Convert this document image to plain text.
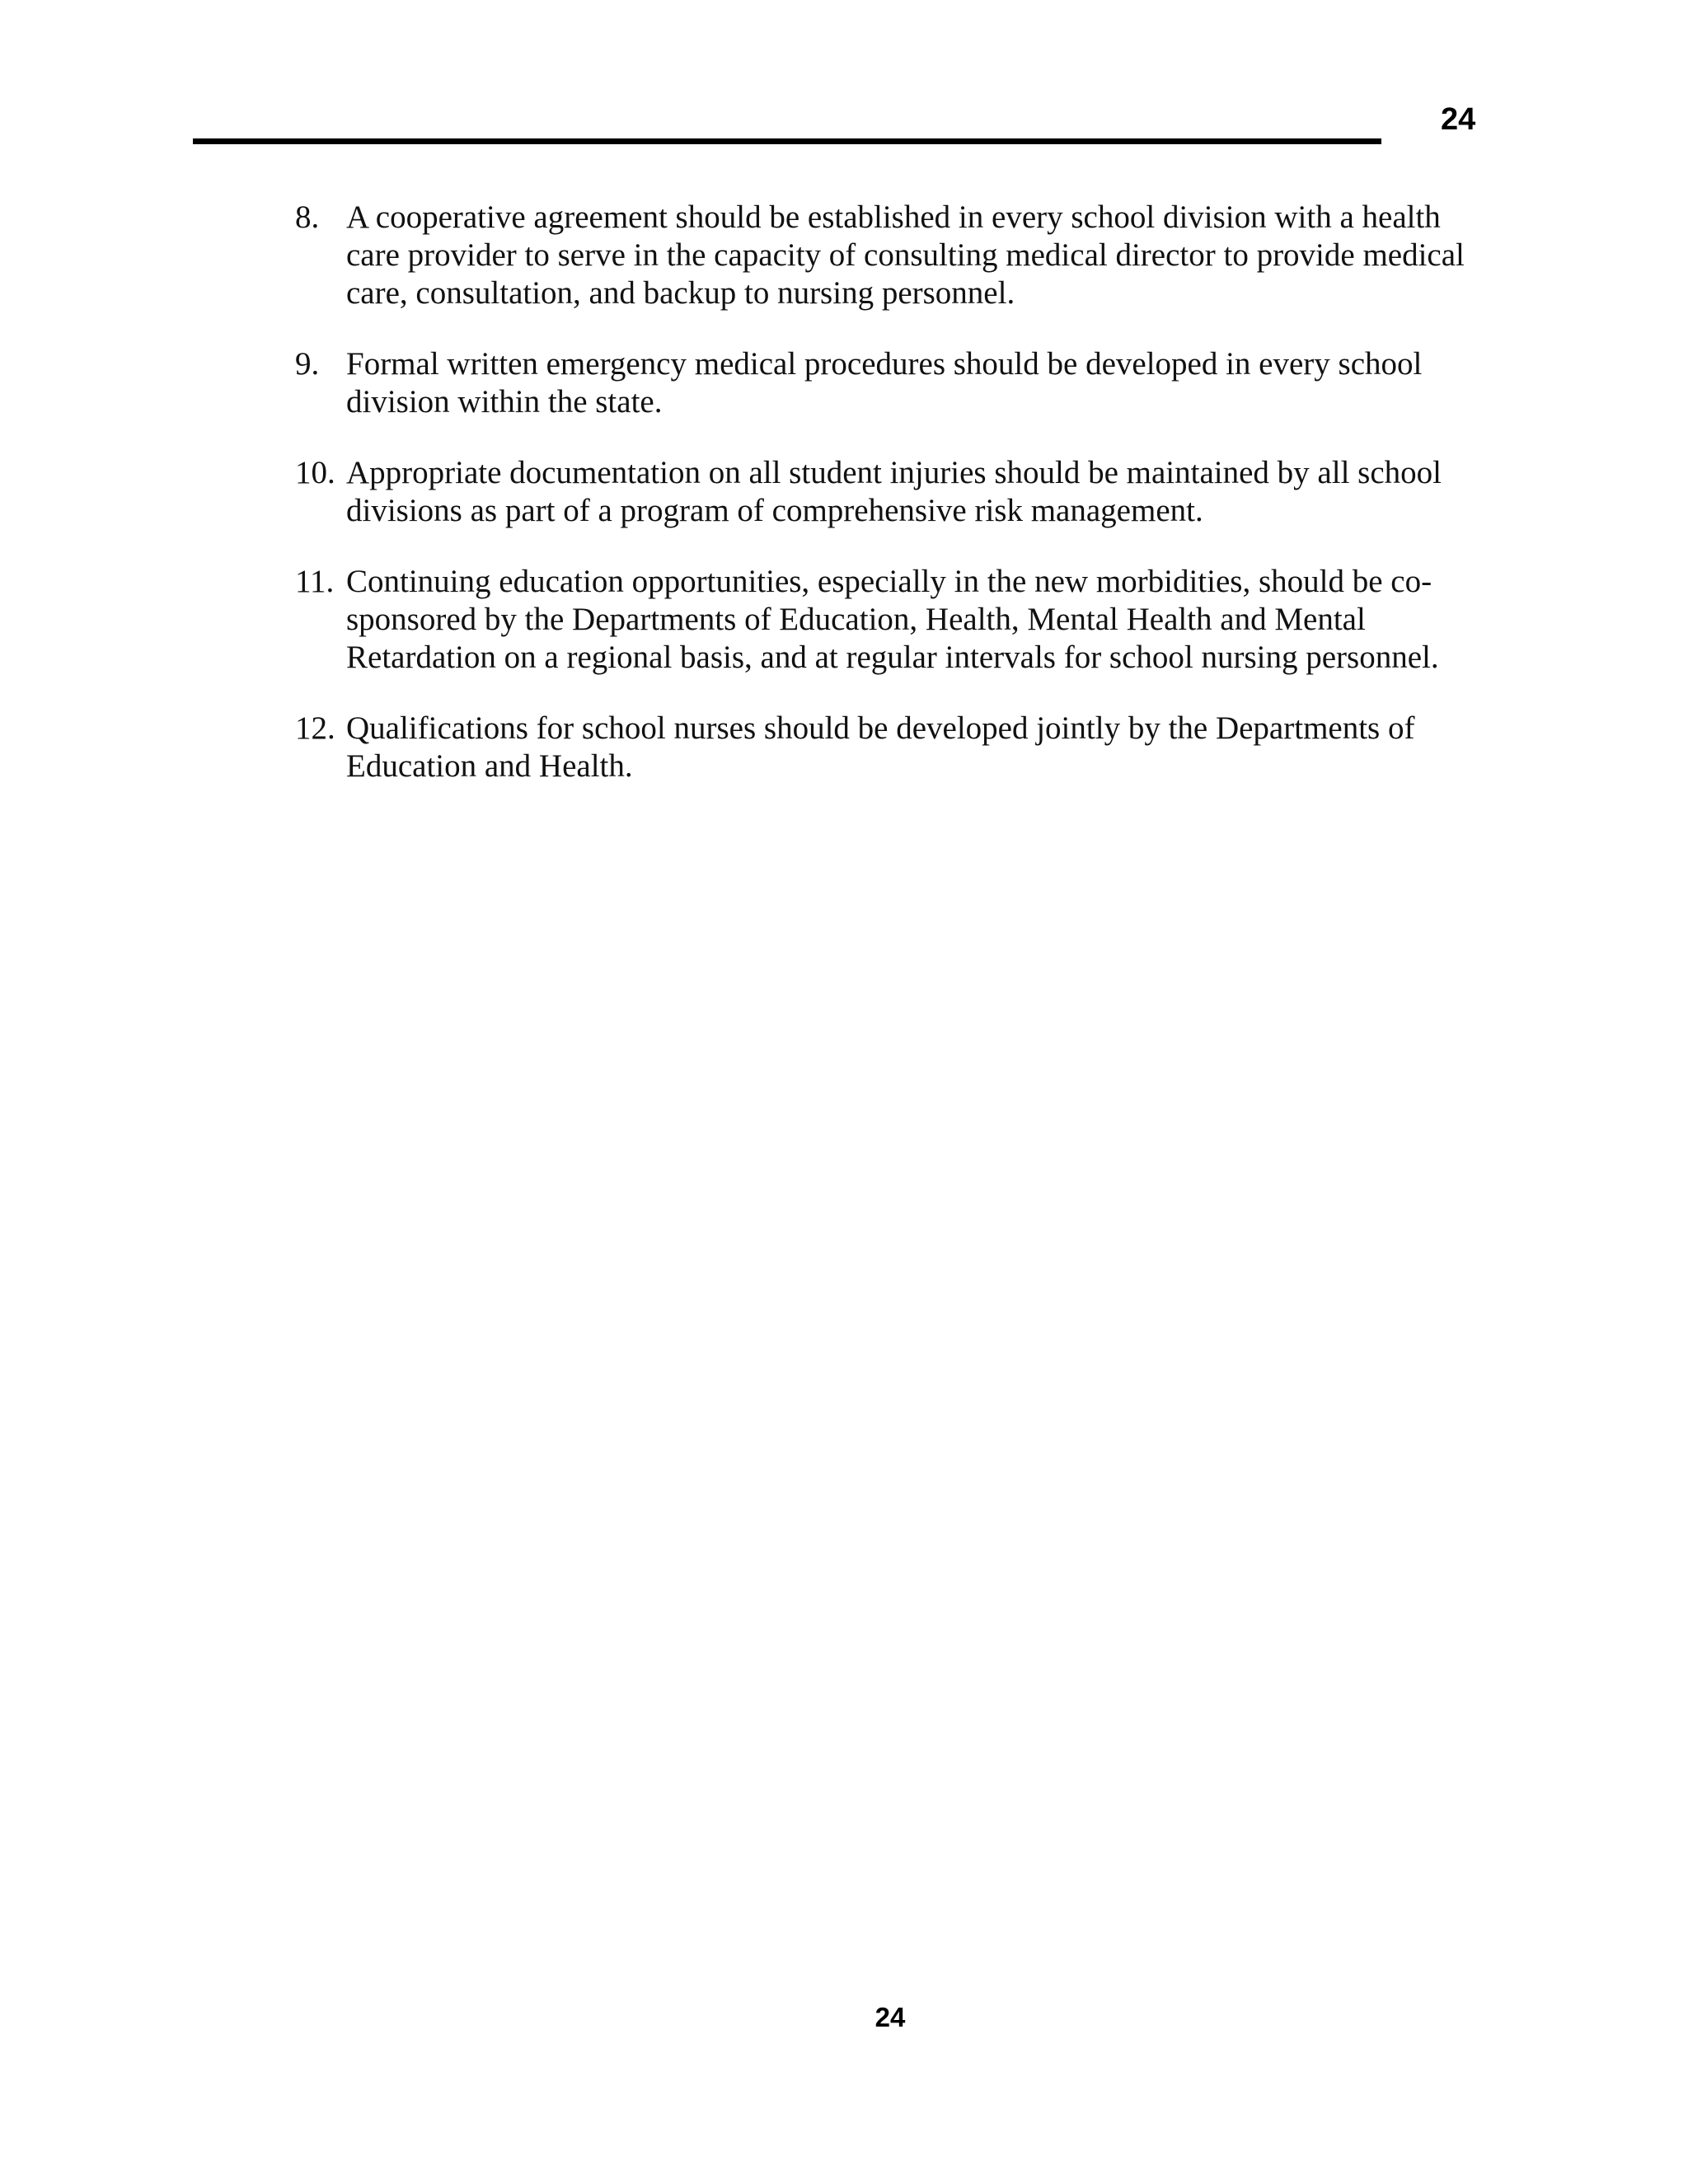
24
8. A cooperative agreement should be established in every school division with a health care provider to serve in the capacity of consulting medical director to provide medical care, consultation, and backup to nursing personnel.
9. Formal written emergency medical procedures should be developed in every school division within the state.
10. Appropriate documentation on all student injuries should be maintained by all school divisions as part of a program of comprehensive risk management.
11. Continuing education opportunities, especially in the new morbidities, should be co-sponsored by the Departments of Education, Health, Mental Health and Mental Retardation on a regional basis, and at regular intervals for school nursing personnel.
12. Qualifications for school nurses should be developed jointly by the Departments of Education and Health.
24
